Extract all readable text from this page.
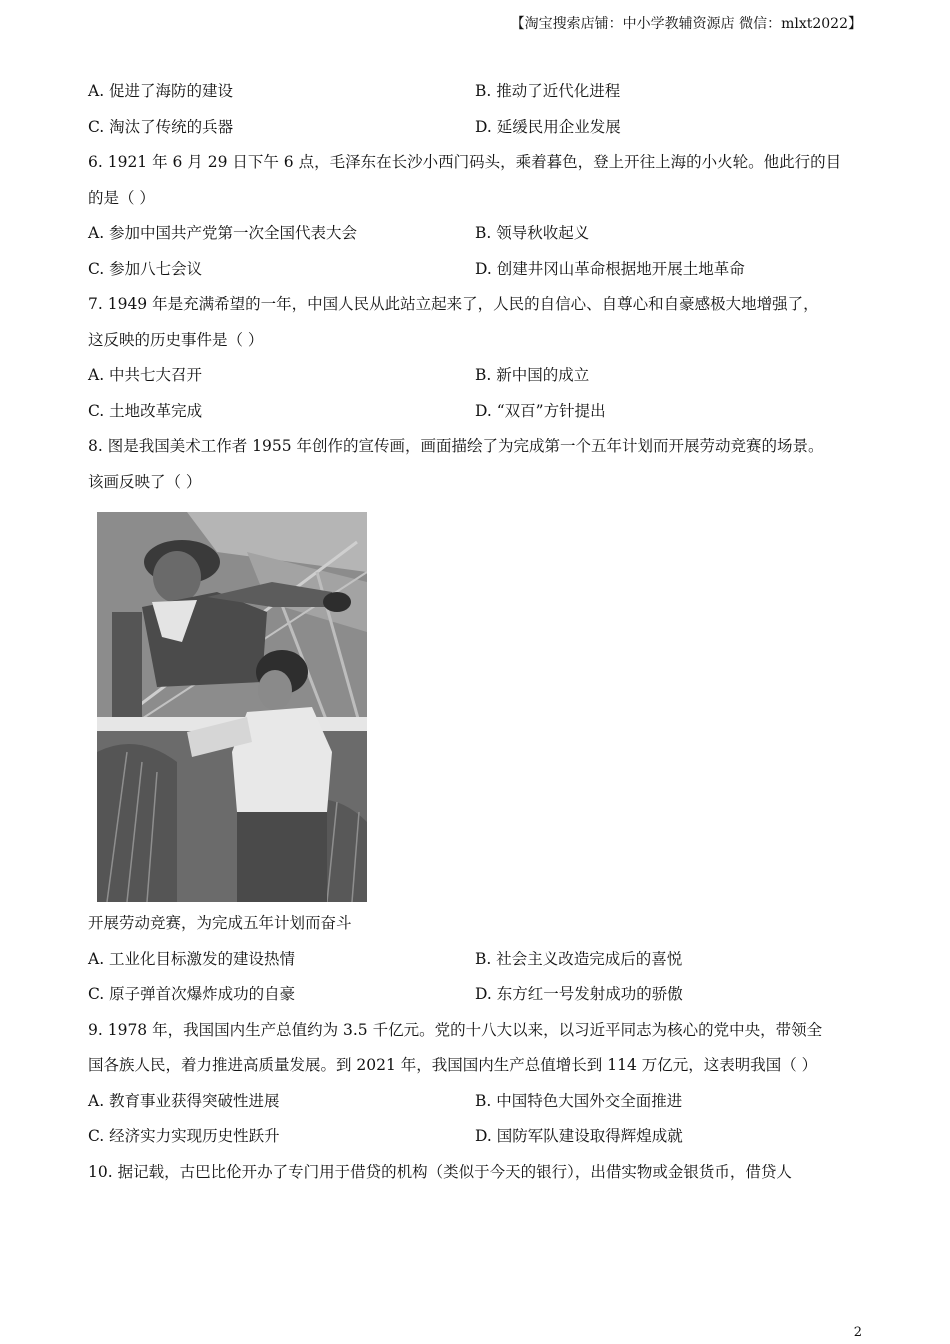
【淘宝搜索店铺：中小学教辅资源店 微信：mlxt2022】
A. 促进了海防的建设	B. 推动了近代化进程
C. 淘汰了传统的兵器	D. 延缓民用企业发展
6. 1921 年 6 月 29 日下午 6 点，毛泽东在长沙小西门码头，乘着暮色，登上开往上海的小火轮。他此行的目
的是（ ）
A. 参加中国共产党第一次全国代表大会	B. 领导秋收起义
C. 参加八七会议	D. 创建井冈山革命根据地开展土地革命
7. 1949 年是充满希望的一年，中国人民从此站立起来了，人民的自信心、自尊心和自豪感极大地增强了，
这反映的历史事件是（ ）
A. 中共七大召开	B. 新中国的成立
C. 土地改革完成	D. “双百”方针提出
8. 图是我国美术工作者 1955 年创作的宣传画，画面描绘了为完成第一个五年计划而开展劳动竞赛的场景。
该画反映了（ ）
开展劳动竞赛，为完成五年计划而奋斗
A. 工业化目标激发的建设热情	B. 社会主义改造完成后的喜悦
C. 原子弹首次爆炸成功的自豪	D. 东方红一号发射成功的骄傲
9. 1978 年，我国国内生产总值约为 3.5 千亿元。党的十八大以来，以习近平同志为核心的党中央，带领全
国各族人民，着力推进高质量发展。到 2021 年，我国国内生产总值增长到 114 万亿元，这表明我国（ ）
A. 教育事业获得突破性进展	B. 中国特色大国外交全面推进
C. 经济实力实现历史性跃升	D. 国防军队建设取得辉煌成就
10. 据记载，古巴比伦开办了专门用于借贷的机构（类似于今天的银行），出借实物或金银货币，借贷人
2
